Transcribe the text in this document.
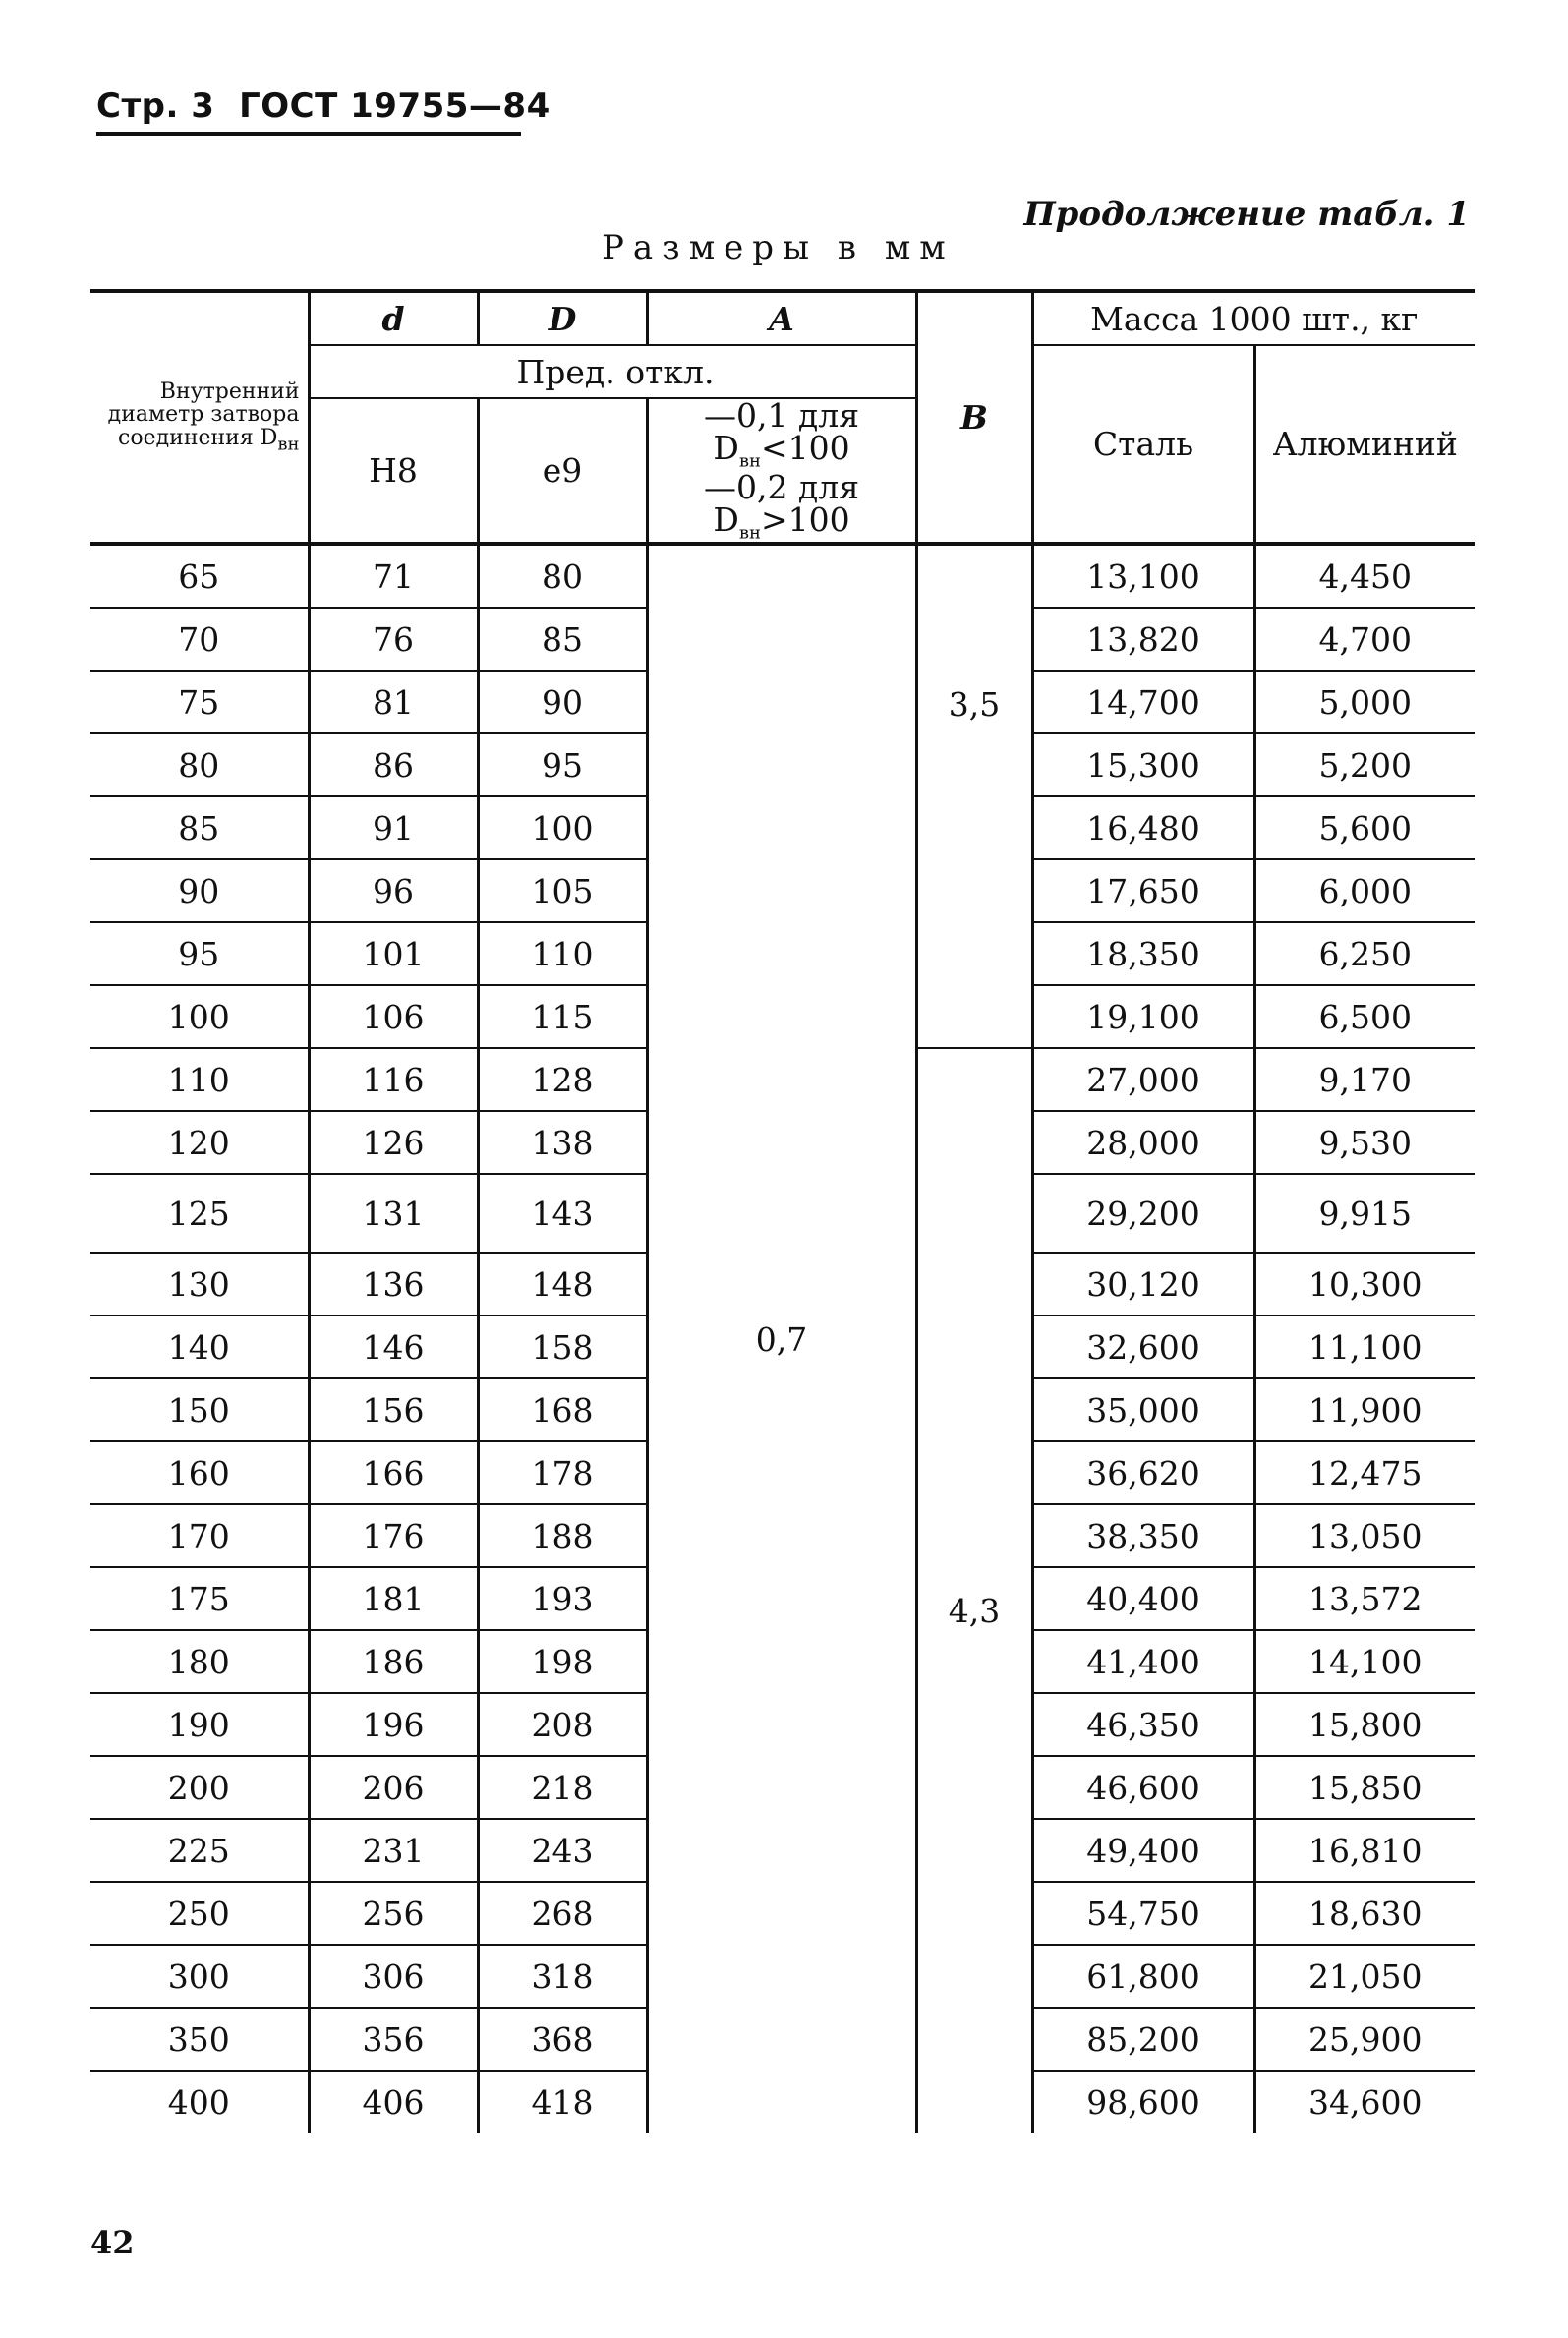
Стр. 3 ГОСТ 19755—84
Продолжение табл. 1
Размеры в мм
Внутренний диаметр затвора соединения $D_{вн}$	d	D	A	B	Масса 1000 шт., кг	
	Пред. откл.				Сталь	Алюминий
	H8	e9	—0,1 для $D_{вн}<100$
—0,2 для $D_{вн}>100$			

65	71	80	0,7	3,5	13,100	4,450
70	76	85			13,820	4,700
75	81	90			14,700	5,000
80	86	95			15,300	5,200
85	91	100			16,480	5,600
90	96	105			17,650	6,000
95	101	110			18,350	6,250
100	106	115			19,100	6,500
110	116	128		4,3	27,000	9,170
120	126	138			28,000	9,530
125	131	143			29,200	9,915
130	136	148			30,120	10,300
140	146	158			32,600	11,100
150	156	168			35,000	11,900
160	166	178			36,620	12,475
170	176	188			38,350	13,050
175	181	193			40,400	13,572
180	186	198			41,400	14,100
190	196	208			46,350	15,800
200	206	218			46,600	15,850
225	231	243			49,400	16,810
250	256	268			54,750	18,630
300	306	318			61,800	21,050
350	356	368			85,200	25,900
400	406	418			98,600	34,600
42
